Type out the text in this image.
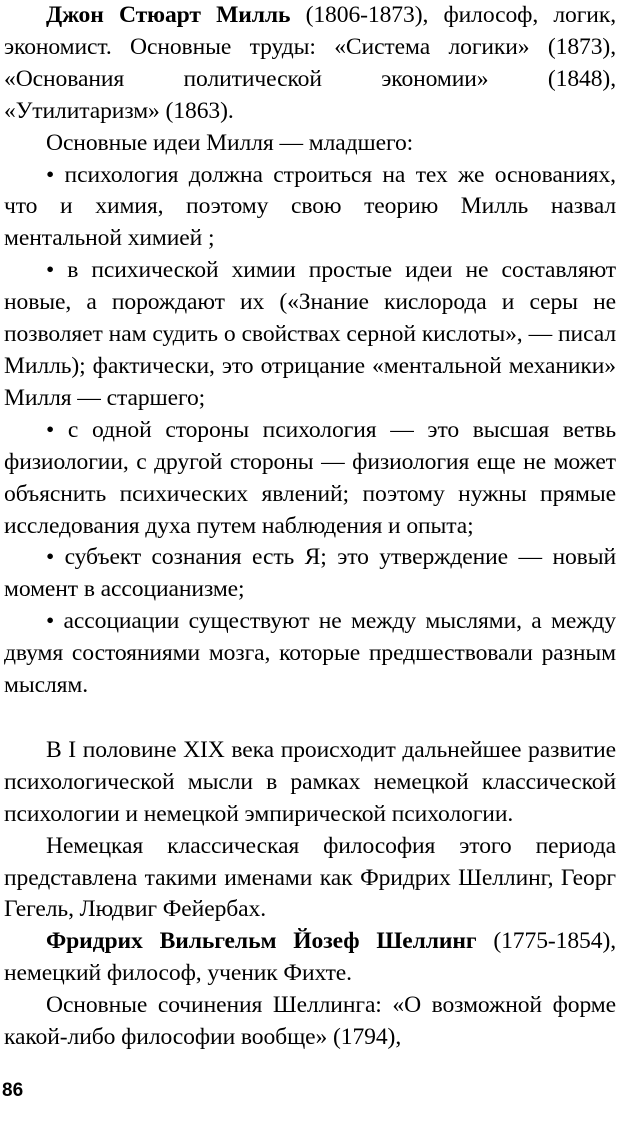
Джон Стюарт Милль (1806-1873), философ, логик, экономист. Основные труды: «Система логики» (1873), «Основания политической экономии» (1848), «Утилитаризм» (1863).

Основные идеи Милля — младшего:

• психология должна строиться на тех же основаниях, что и химия, поэтому свою теорию Милль назвал ментальной химией ;

• в психической химии простые идеи не составляют новые, а порождают их («Знание кислорода и серы не позволяет нам судить о свойствах серной кислоты», — писал Милль); фактически, это отрицание «ментальной механики» Милля — старшего;

• с одной стороны психология — это высшая ветвь физиологии, с другой стороны — физиология еще не может объяснить психических явлений; поэтому нужны прямые исследования духа путем наблюдения и опыта;

• субъект сознания есть Я; это утверждение — новый момент в ассоцианизме;

• ассоциации существуют не между мыслями, а между двумя состояниями мозга, которые предшествовали разным мыслям.

В I половине XIX века происходит дальнейшее развитие психологической мысли в рамках немецкой классической психологии и немецкой эмпирической психологии.

Немецкая классическая философия этого периода представлена такими именами как Фридрих Шеллинг, Георг Гегель, Людвиг Фейербах.

Фридрих Вильгельм Йозеф Шеллинг (1775-1854), немецкий философ, ученик Фихте.

Основные сочинения Шеллинга: «О возможной форме какой-либо философии вообще» (1794),

86
